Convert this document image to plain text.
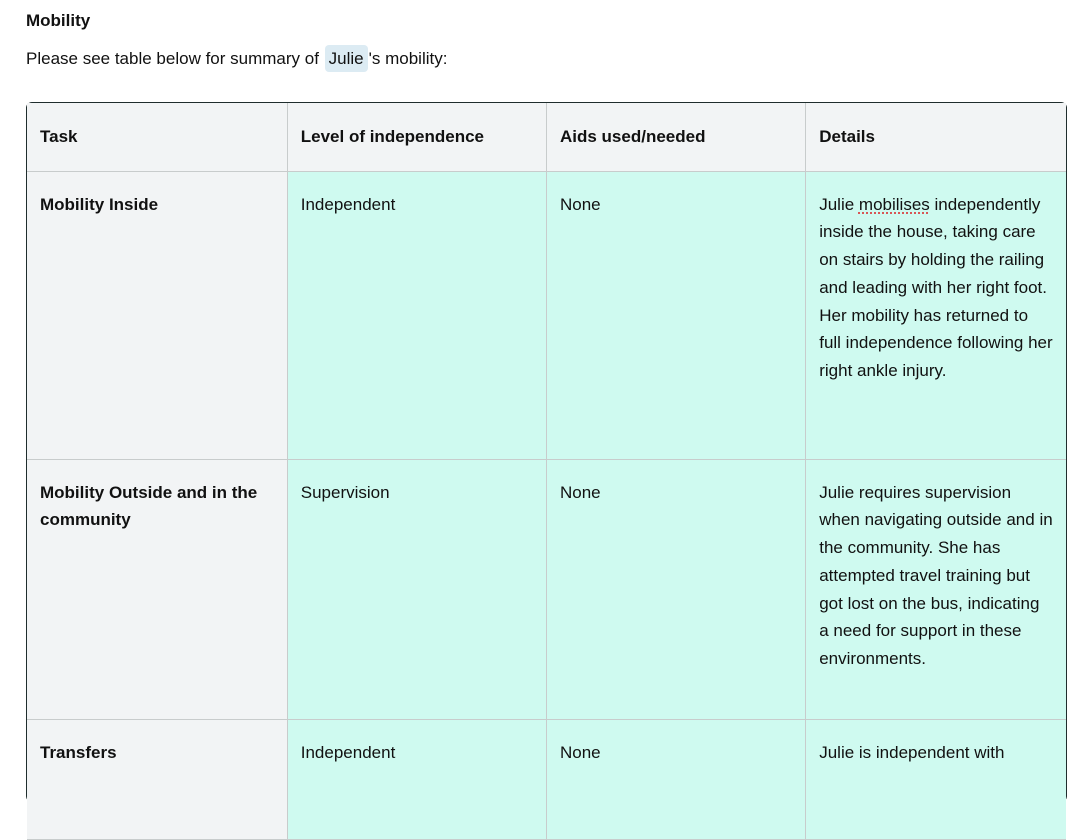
Mobility
Please see table below for summary of Julie 's mobility:
Task	Level of independence	Aids used/needed	Details
Mobility Inside	Independent	None	Julie mobilises independently inside the house, taking care on stairs by holding the railing and leading with her right foot. Her mobility has returned to full independence following her right ankle injury.
Mobility Outside and in the community	Supervision	None	Julie requires supervision when navigating outside and in the community. She has attempted travel training but got lost on the bus, indicating a need for support in these environments.
Transfers	Independent	None	Julie is independent with
